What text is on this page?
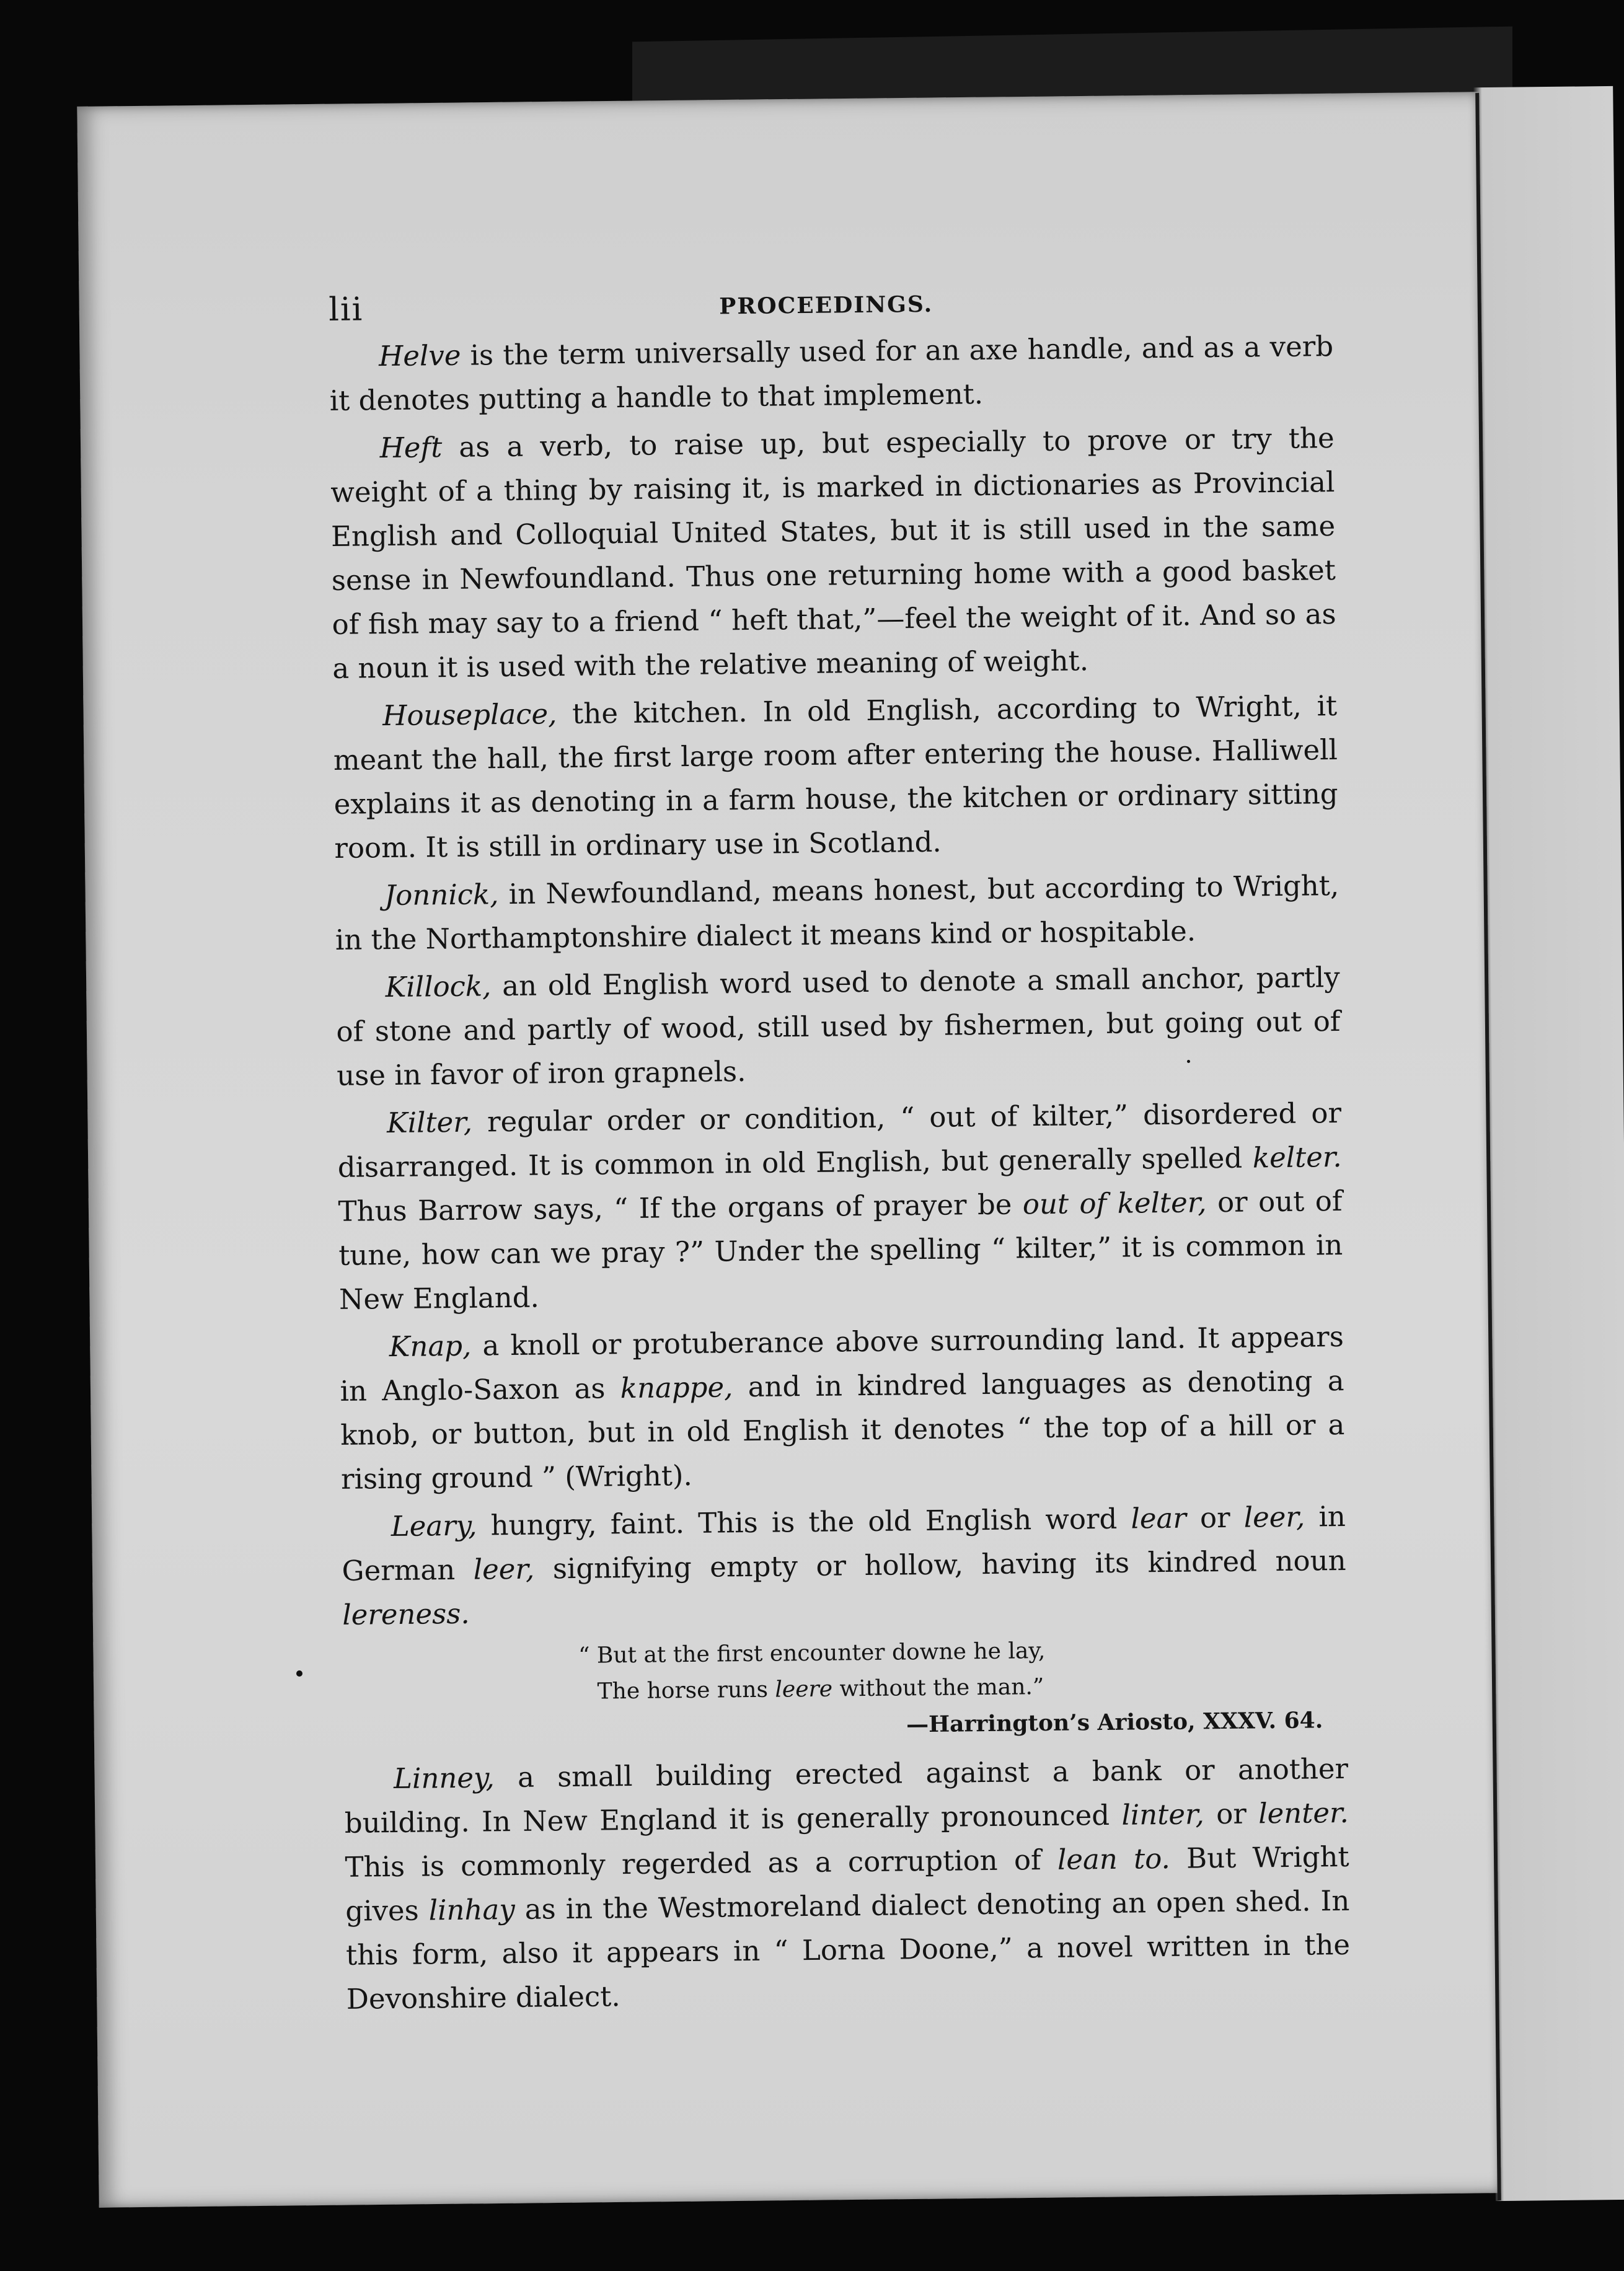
lii	PROCEEDINGS.

Helve is the term universally used for an axe handle, and as a verb it denotes putting a handle to that implement.

Heft as a verb, to raise up, but especially to prove or try the weight of a thing by raising it, is marked in dictionaries as Provincial English and Colloquial United States, but it is still used in the same sense in Newfoundland. Thus one returning home with a good basket of fish may say to a friend “ heft that,”—feel the weight of it. And so as a noun it is used with the relative meaning of weight.

Houseplace, the kitchen. In old English, according to Wright, it meant the hall, the first large room after entering the house. Halliwell explains it as denoting in a farm house, the kitchen or ordinary sitting room. It is still in ordinary use in Scotland.

Jonnick, in Newfoundland, means honest, but according to Wright, in the Northamptonshire dialect it means kind or hospitable.

Killock, an old English word used to denote a small anchor, partly of stone and partly of wood, still used by fishermen, but going out of use in favor of iron grapnels.

Kilter, regular order or condition, “ out of kilter,” disordered or disarranged. It is common in old English, but generally spelled kelter. Thus Barrow says, “ If the organs of prayer be out of kelter, or out of tune, how can we pray ?” Under the spelling “ kilter,” it is common in New England.

Knap, a knoll or protuberance above surrounding land. It appears in Anglo-Saxon as knappe, and in kindred languages as denoting a knob, or button, but in old English it denotes “ the top of a hill or a rising ground ” (Wright).

Leary, hungry, faint. This is the old English word lear or leer, in German leer, signifying empty or hollow, having its kindred noun lereness.

“ But at the first encounter downe he lay,
The horse runs leere without the man.”
—Harrington’s Ariosto, XXXV. 64.

Linney, a small building erected against a bank or another building. In New England it is generally pronounced linter, or lenter. This is commonly regerded as a corruption of lean to. But Wright gives linhay as in the Westmoreland dialect denoting an open shed. In this form, also it appears in “ Lorna Doone,” a novel written in the Devonshire dialect.
